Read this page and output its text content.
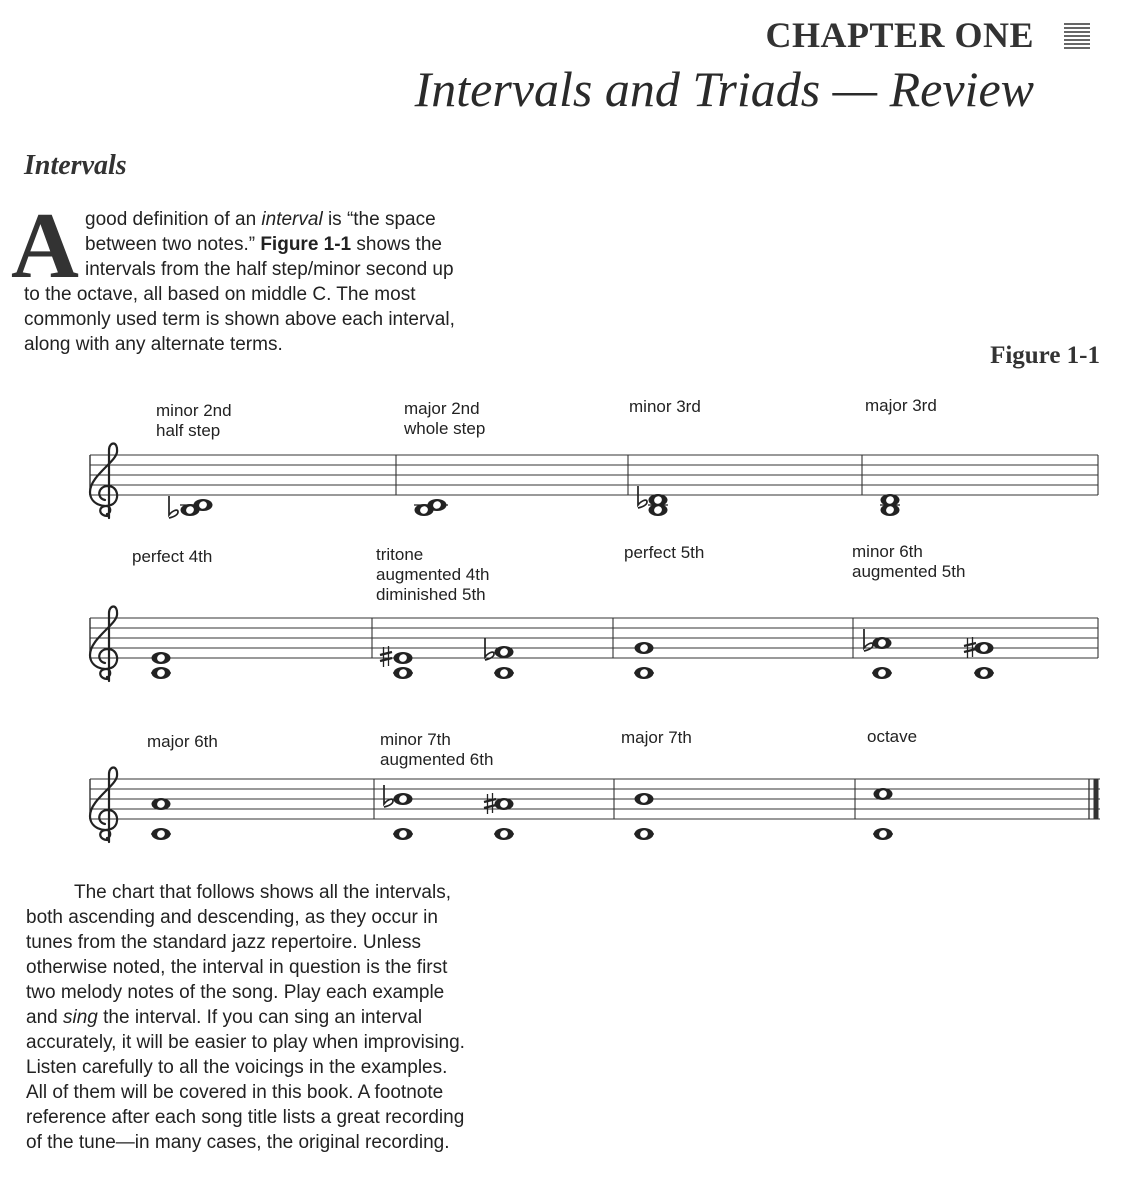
CHAPTER ONE
Intervals and Triads — Review
Intervals
A good definition of an interval is “the space
between two notes.” Figure 1-1 shows the
intervals from the half step/minor second up
to the octave, all based on middle C. The most
commonly used term is shown above each interval,
along with any alternate terms.	Figure 1-1
minor 2nd
half step
major 2nd
whole step
minor 3rd	major 3rd
perfect 4th	tritone
augmented 4th
diminished 5th
perfect 5th	minor 6th
augmented 5th
major 6th	minor 7th
augmented 6th
major 7th	octave
The chart that follows shows all the intervals,
both ascending and descending, as they occur in
tunes from the standard jazz repertoire. Unless
otherwise noted, the interval in question is the first
two melody notes of the song. Play each example
and sing the interval. If you can sing an interval
accurately, it will be easier to play when improvising.
Listen carefully to all the voicings in the examples.
All of them will be covered in this book. A footnote
reference after each song title lists a great recording
of the tune—in many cases, the original recording.
